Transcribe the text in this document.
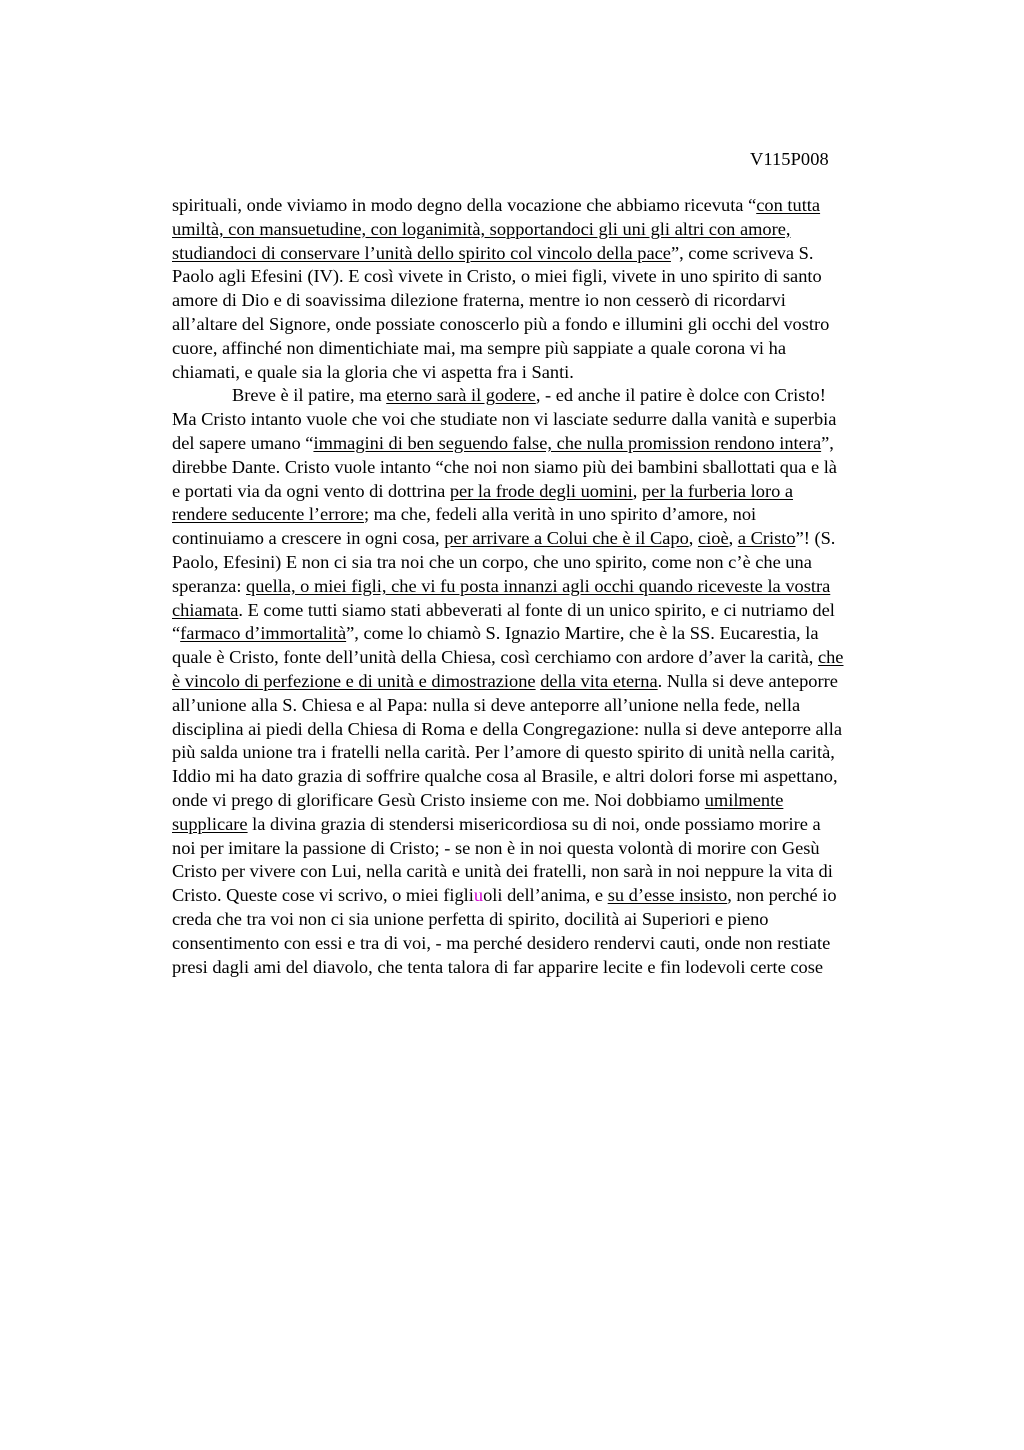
V115P008
spirituali, onde viviamo in modo degno della vocazione che abbiamo ricevuta “con tutta
umiltà, con mansuetudine, con loganimità, sopportandoci gli uni gli altri con amore,
studiandoci di conservare l’unità dello spirito col vincolo della pace”, come scriveva S.
Paolo agli Efesini (IV). E così vivete in Cristo, o miei figli, vivete in uno spirito di santo
amore di Dio e di soavissima dilezione fraterna, mentre io non cesserò di ricordarvi
all’altare del Signore, onde possiate conoscerlo più a fondo e illumini gli occhi del vostro
cuore, affinché non dimentichiate mai, ma sempre più sappiate a quale corona vi ha
chiamati, e quale sia la gloria che vi aspetta fra i Santi.
Breve è il patire, ma eterno sarà il godere, - ed anche il patire è dolce con Cristo!
Ma Cristo intanto vuole che voi che studiate non vi lasciate sedurre dalla vanità e superbia
del sapere umano “immagini di ben seguendo false, che nulla promission rendono intera”,
direbbe Dante. Cristo vuole intanto “che noi non siamo più dei bambini sballottati qua e là
e portati via da ogni vento di dottrina per la frode degli uomini, per la furberia loro a
rendere seducente l’errore; ma che, fedeli alla verità in uno spirito d’amore, noi
continuiamo a crescere in ogni cosa, per arrivare a Colui che è il Capo, cioè, a Cristo”! (S.
Paolo, Efesini) E non ci sia tra noi che un corpo, che uno spirito, come non c’è che una
speranza: quella, o miei figli, che vi fu posta innanzi agli occhi quando riceveste la vostra
chiamata. E come tutti siamo stati abbeverati al fonte di un unico spirito, e ci nutriamo del
“farmaco d’immortalità”, come lo chiamò S. Ignazio Martire, che è la SS. Eucarestia, la
quale è Cristo, fonte dell’unità della Chiesa, così cerchiamo con ardore d’aver la carità, che
è vincolo di perfezione e di unità e dimostrazione della vita eterna. Nulla si deve anteporre
all’unione alla S. Chiesa e al Papa: nulla si deve anteporre all’unione nella fede, nella
disciplina ai piedi della Chiesa di Roma e della Congregazione: nulla si deve anteporre alla
più salda unione tra i fratelli nella carità. Per l’amore di questo spirito di unità nella carità,
Iddio mi ha dato grazia di soffrire qualche cosa al Brasile, e altri dolori forse mi aspettano,
onde vi prego di glorificare Gesù Cristo insieme con me. Noi dobbiamo umilmente
supplicare la divina grazia di stendersi misericordiosa su di noi, onde possiamo morire a
noi per imitare la passione di Cristo; - se non è in noi questa volontà di morire con Gesù
Cristo per vivere con Lui, nella carità e unità dei fratelli, non sarà in noi neppure la vita di
Cristo. Queste cose vi scrivo, o miei figliuoli dell’anima, e su d’esse insisto, non perché io
creda che tra voi non ci sia unione perfetta di spirito, docilità ai Superiori e pieno
consentimento con essi e tra di voi, - ma perché desidero rendervi cauti, onde non restiate
presi dagli ami del diavolo, che tenta talora di far apparire lecite e fin lodevoli certe cose
